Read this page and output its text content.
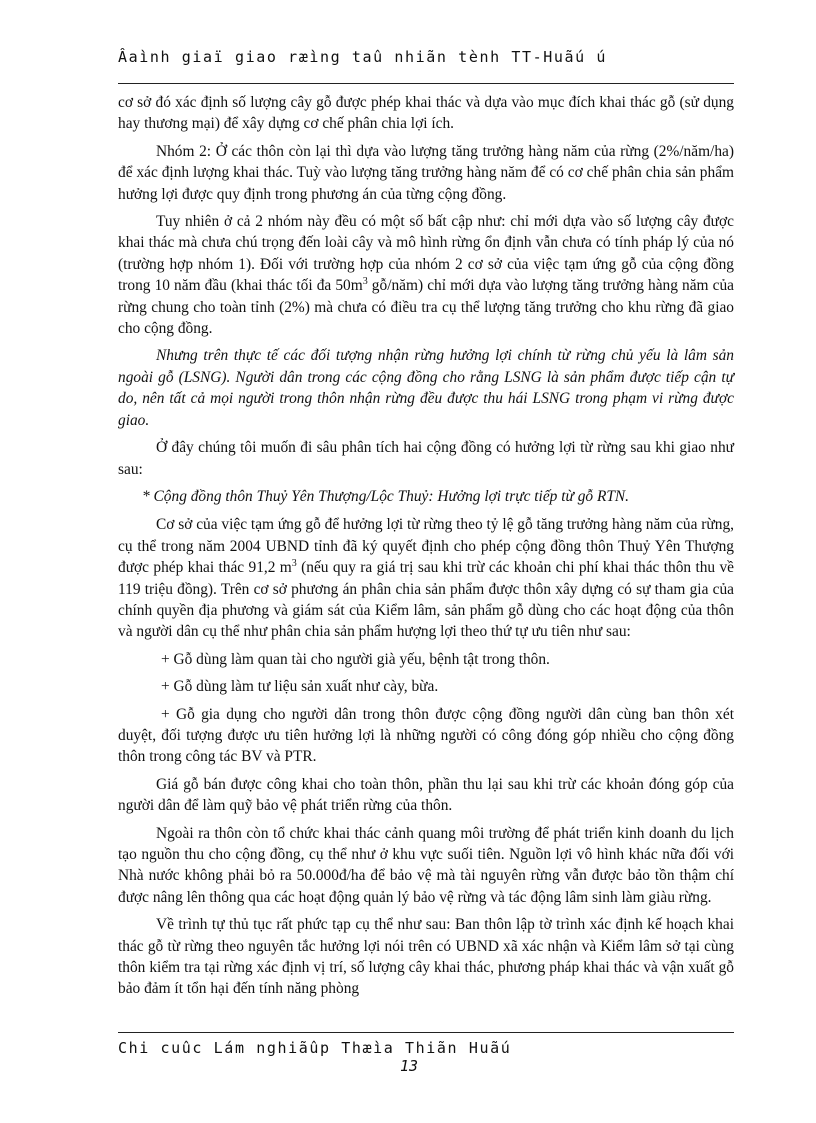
Âaình giaï giao ræìng taû nhiãn tènh TT-Huãú ú

cơ sở đó xác định số lượng cây gỗ được phép khai thác và dựa vào mục đích khai thác gỗ (sử dụng hay thương mại) để xây dựng cơ chế phân chia lợi ích.

Nhóm 2: Ở các thôn còn lại thì dựa vào lượng tăng trưởng hàng năm của rừng (2%/năm/ha) để xác định lượng khai thác. Tuỳ vào lượng tăng trưởng hàng năm để có cơ chế phân chia sản phẩm hưởng lợi được quy định trong phương án của từng cộng đồng.

Tuy nhiên ở cả 2 nhóm này đều có một số bất cập như: chỉ mới dựa vào số lượng cây được khai thác mà chưa chú trọng đến loài cây và mô hình rừng ổn định vẫn chưa có tính pháp lý của nó (trường hợp nhóm 1). Đối với trường hợp của nhóm 2 cơ sở của việc tạm ứng gỗ của cộng đồng trong 10 năm đầu (khai thác tối đa $50m^3$ gỗ/năm) chỉ mới dựa vào lượng tăng trưởng hàng năm của rừng chung cho toàn tỉnh (2%) mà chưa có điều tra cụ thể lượng tăng trưởng cho khu rừng đã giao cho cộng đồng.

Nhưng trên thực tế các đối tượng nhận rừng hưởng lợi chính từ rừng chủ yếu là lâm sản ngoài gỗ (LSNG). Người dân trong các cộng đồng cho rằng LSNG là sản phẩm được tiếp cận tự do, nên tất cả mọi người trong thôn nhận rừng đều được thu hái LSNG trong phạm vi rừng được giao.

Ở đây chúng tôi muốn đi sâu phân tích hai cộng đồng có hưởng lợi từ rừng sau khi giao như sau:

* Cộng đồng thôn Thuỷ Yên Thượng/Lộc Thuỷ: Hưởng lợi trực tiếp từ gỗ RTN.

Cơ sở của việc tạm ứng gỗ để hưởng lợi từ rừng theo tỷ lệ gỗ tăng trưởng hàng năm của rừng, cụ thể trong năm 2004 UBND tỉnh đã ký quyết định cho phép cộng đồng thôn Thuỷ Yên Thượng được phép khai thác 91,2 $m^3$ (nếu quy ra giá trị sau khi trừ các khoản chi phí khai thác thôn thu về 119 triệu đồng). Trên cơ sở phương án phân chia sản phẩm được thôn xây dựng có sự tham gia của chính quyền địa phương và giám sát của Kiểm lâm, sản phẩm gỗ dùng cho các hoạt động của thôn và người dân cụ thể như phân chia sản phẩm hượng lợi theo thứ tự ưu tiên như sau:

+ Gỗ dùng làm quan tài cho người già yếu, bệnh tật trong thôn.

+ Gỗ dùng làm tư liệu sản xuất như cày, bừa.

+ Gỗ gia dụng cho người dân trong thôn được cộng đồng người dân cùng ban thôn xét duyệt, đối tượng được ưu tiên hưởng lợi là những người có công đóng góp nhiều cho cộng đồng thôn trong công tác BV và PTR.

Giá gỗ bán được công khai cho toàn thôn, phần thu lại sau khi trừ các khoản đóng góp của người dân để làm quỹ bảo vệ phát triển rừng của thôn.

Ngoài ra thôn còn tổ chức khai thác cảnh quang môi trường để phát triển kinh doanh du lịch tạo nguồn thu cho cộng đồng, cụ thể như ở khu vực suối tiên. Nguồn lợi vô hình khác nữa đối với Nhà nước không phải bỏ ra 50.000đ/ha để bảo vệ mà tài nguyên rừng vẫn được bảo tồn thậm chí được nâng lên thông qua các hoạt động quản lý bảo vệ rừng và tác động lâm sinh làm giàu rừng.

Về trình tự thủ tục rất phức tạp cụ thể như sau: Ban thôn lập tờ trình xác định kế hoạch khai thác gỗ từ rừng theo nguyên tắc hưởng lợi nói trên có UBND xã xác nhận và Kiểm lâm sở tại cùng thôn kiểm tra tại rừng xác định vị trí, số lượng cây khai thác, phương pháp khai thác và vận xuất gỗ bảo đảm ít tổn hại đến tính năng phòng

Chi cuûc Lám nghiãûp Thæìa Thiãn Huãú
13
